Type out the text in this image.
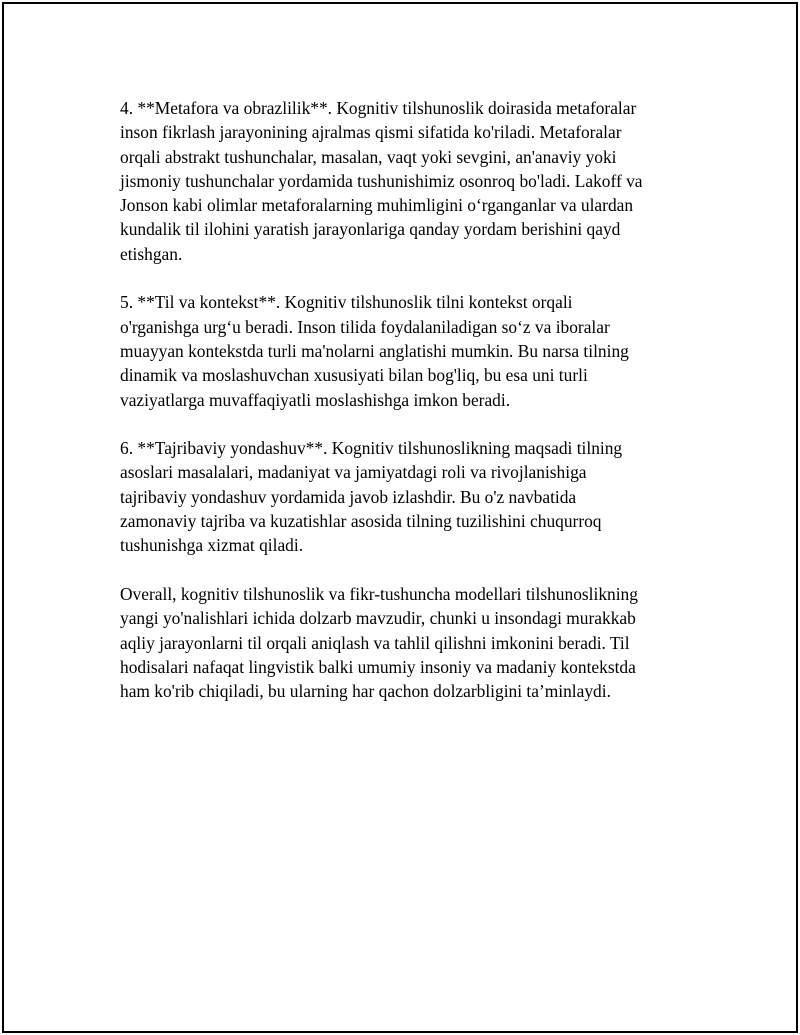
4. **Metafora va obrazlilik**. Kognitiv tilshunoslik doirasida metaforalar
inson fikrlash jarayonining ajralmas qismi sifatida ko'riladi. Metaforalar
orqali abstrakt tushunchalar, masalan, vaqt yoki sevgini, an'anaviy yoki
jismoniy tushunchalar yordamida tushunishimiz osonroq bo'ladi. Lakoff va
Jonson kabi olimlar metaforalarning muhimligini o‘rganganlar va ulardan
kundalik til ilohini yaratish jarayonlariga qanday yordam berishini qayd
etishgan.

5. **Til va kontekst**. Kognitiv tilshunoslik tilni kontekst orqali
o'rganishga urg‘u beradi. Inson tilida foydalaniladigan so‘z va iboralar
muayyan kontekstda turli ma'nolarni anglatishi mumkin. Bu narsa tilning
dinamik va moslashuvchan xususiyati bilan bog'liq, bu esa uni turli
vaziyatlarga muvaffaqiyatli moslashishga imkon beradi.

6. **Tajribaviy yondashuv**. Kognitiv tilshunoslikning maqsadi tilning
asoslari masalalari, madaniyat va jamiyatdagi roli va rivojlanishiga
tajribaviy yondashuv yordamida javob izlashdir. Bu o'z navbatida
zamonaviy tajriba va kuzatishlar asosida tilning tuzilishini chuqurroq
tushunishga xizmat qiladi.

Overall, kognitiv tilshunoslik va fikr-tushuncha modellari tilshunoslikning
yangi yo'nalishlari ichida dolzarb mavzudir, chunki u insondagi murakkab
aqliy jarayonlarni til orqali aniqlash va tahlil qilishni imkonini beradi. Til
hodisalari nafaqat lingvistik balki umumiy insoniy va madaniy kontekstda
ham ko'rib chiqiladi, bu ularning har qachon dolzarbligini ta’minlaydi.
